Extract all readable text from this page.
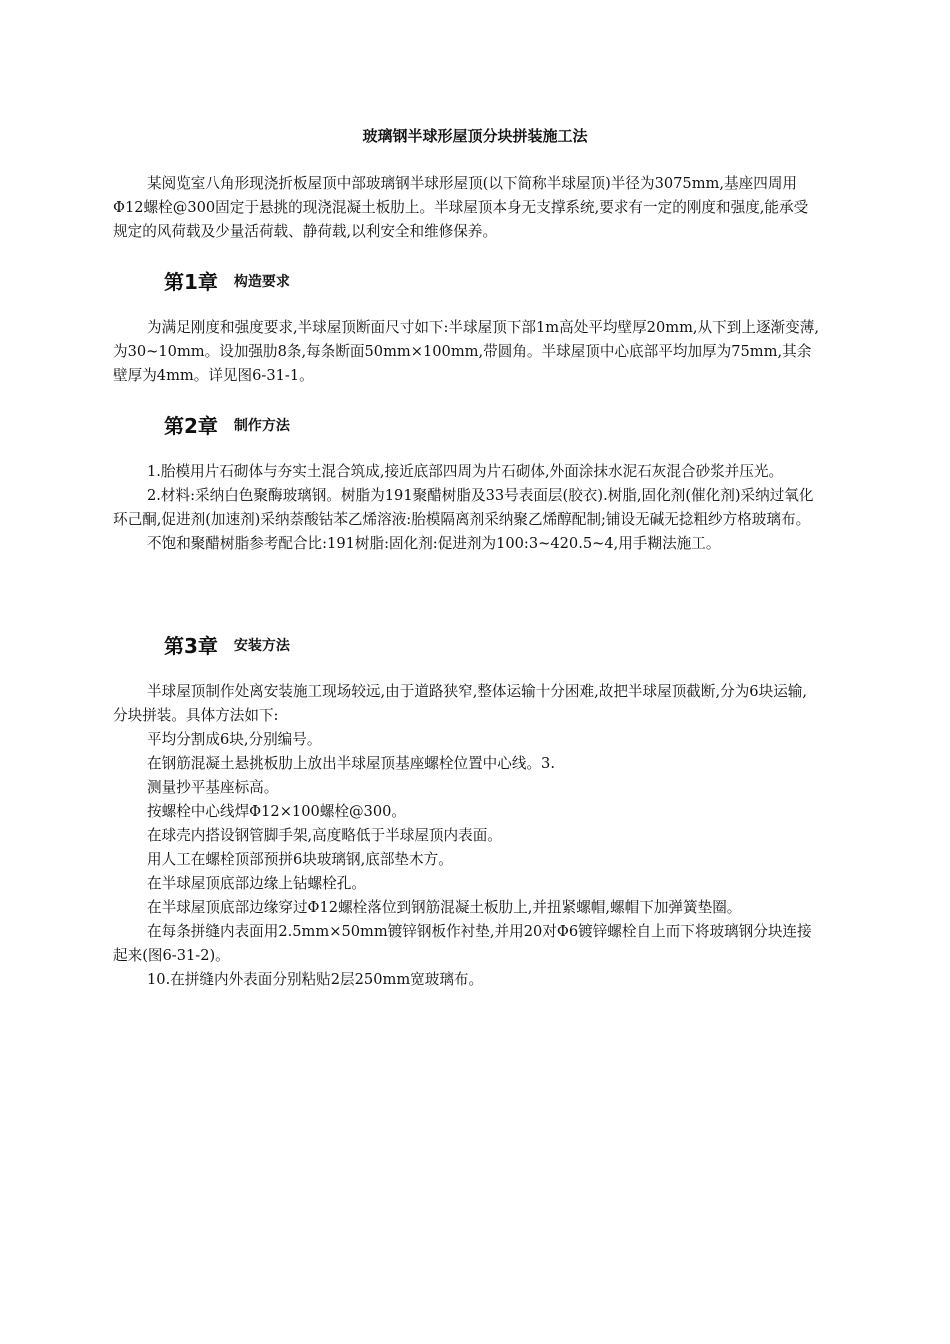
玻璃钢半球形屋顶分块拼装施工法

某阅览室八角形现浇折板屋顶中部玻璃钢半球形屋顶(以下简称半球屋顶)半径为3075mm,基座四周用Φ12螺栓@300固定于悬挑的现浇混凝土板肋上。半球屋顶本身无支撑系统,要求有一定的刚度和强度,能承受规定的风荷载及少量活荷载、静荷载,以利安全和维修保养。

第1章 构造要求

为满足刚度和强度要求,半球屋顶断面尺寸如下:半球屋顶下部1m高处平均壁厚20mm,从下到上逐渐变薄,为30~10mm。设加强肋8条,每条断面50mm×100mm,带圆角。半球屋顶中心底部平均加厚为75mm,其余壁厚为4mm。详见图6-31-1。

第2章 制作方法

1.胎模用片石砌体与夯实土混合筑成,接近底部四周为片石砌体,外面涂抹水泥石灰混合砂浆并压光。

2.材料:采纳白色聚酶玻璃钢。树脂为191聚醋树脂及33号表面层(胶衣).树脂,固化剂(催化剂)采纳过氧化环己酮,促进剂(加速剂)采纳萘酸钴苯乙烯溶液:胎模隔离剂采纳聚乙烯醇配制;铺设无碱无捻粗纱方格玻璃布。

不饱和聚醋树脂参考配合比:191树脂:固化剂:促进剂为100:3~420.5~4,用手糊法施工。

第3章 安装方法

半球屋顶制作处离安装施工现场较远,由于道路狭窄,整体运输十分困难,故把半球屋顶截断,分为6块运输,分块拼装。具体方法如下:

平均分割成6块,分别编号。

在钢筋混凝土悬挑板肋上放出半球屋顶基座螺栓位置中心线。3.

测量抄平基座标高。

按螺栓中心线焊Φ12×100螺栓@300。

在球壳内搭设钢管脚手架,高度略低于半球屋顶内表面。

用人工在螺栓顶部预拼6块玻璃钢,底部垫木方。

在半球屋顶底部边缘上钻螺栓孔。

在半球屋顶底部边缘穿过Φ12螺栓落位到钢筋混凝土板肋上,并扭紧螺帽,螺帽下加弹簧垫圈。

在每条拼缝内表面用2.5mm×50mm镀锌钢板作衬垫,并用20对Φ6镀锌螺栓自上而下将玻璃钢分块连接起来(图6-31-2)。

10.在拼缝内外表面分别粘贴2层250mm宽玻璃布。
